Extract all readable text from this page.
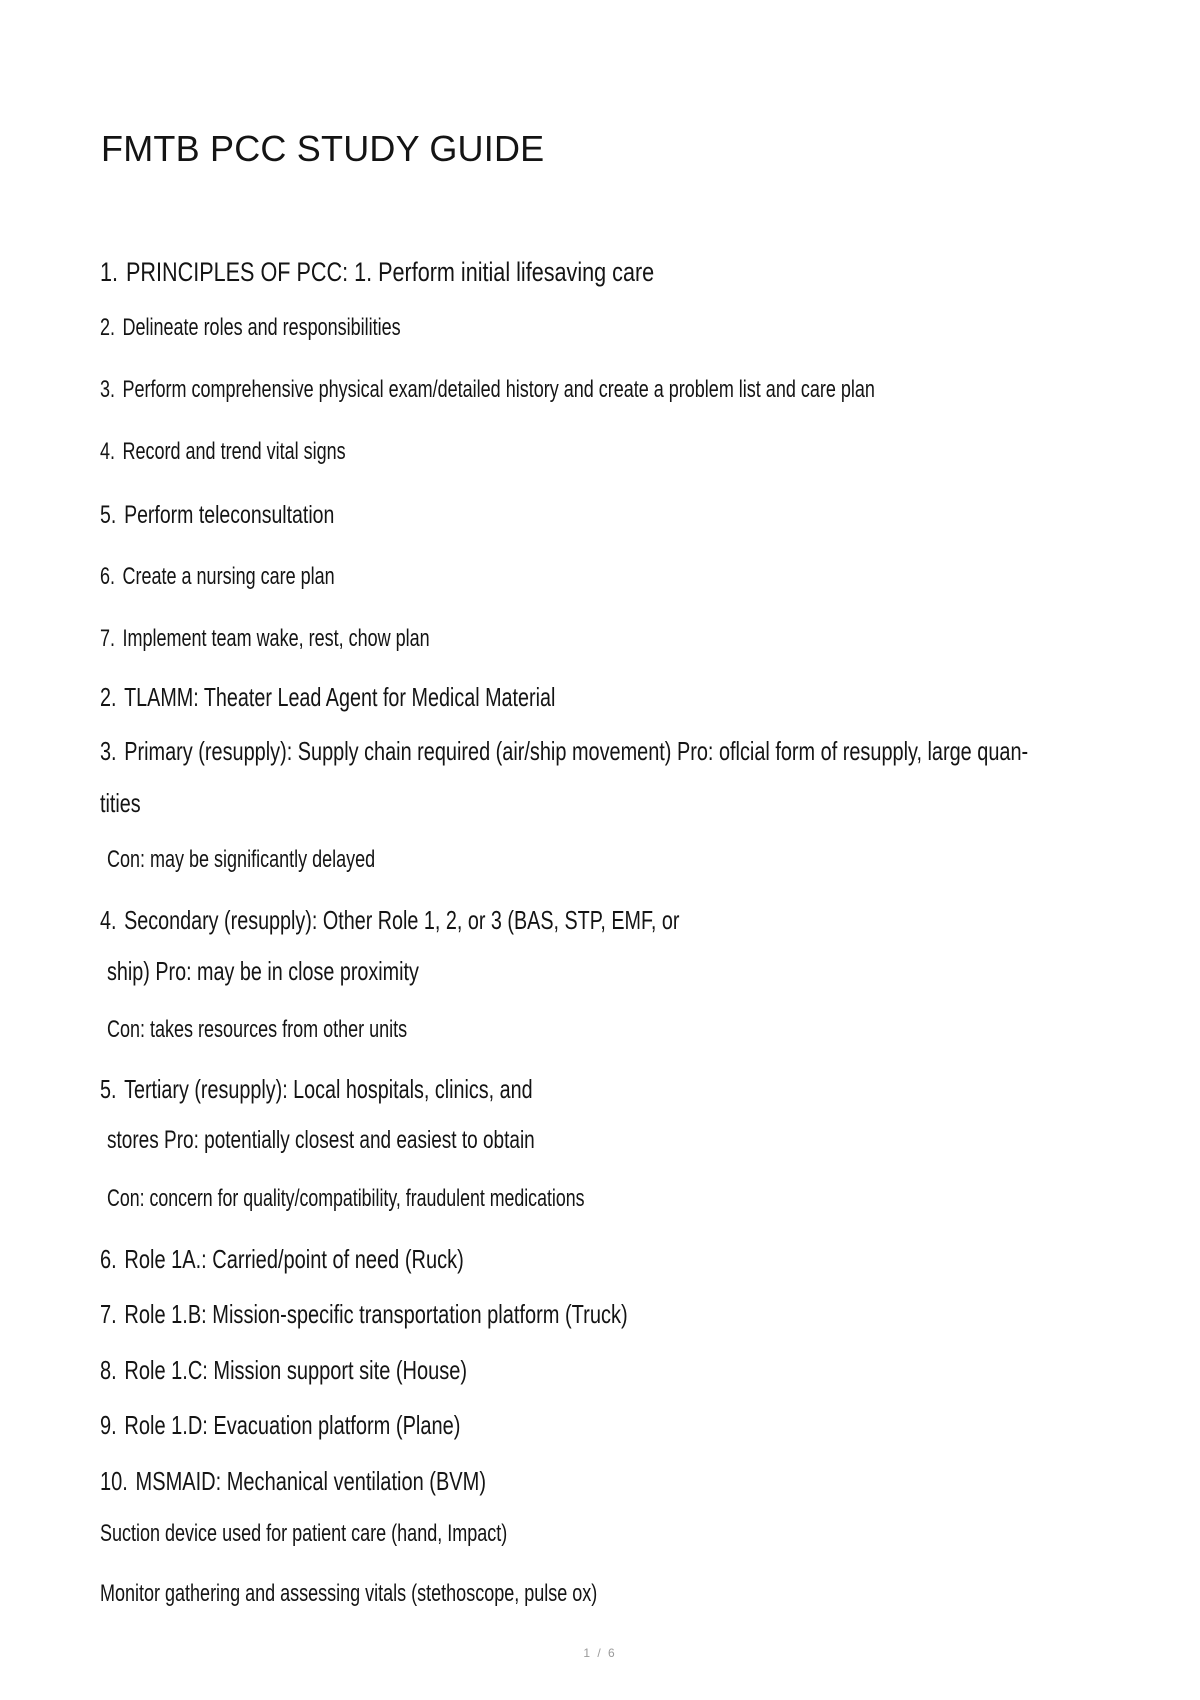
FMTB PCC STUDY GUIDE
1. PRINCIPLES OF PCC: 1. Perform initial lifesaving care
2. Delineate roles and responsibilities
3. Perform comprehensive physical exam/detailed history and create a problem list and care plan
4. Record and trend vital signs
5. Perform teleconsultation
6. Create a nursing care plan
7. Implement team wake, rest, chow plan
2. TLAMM: Theater Lead Agent for Medical Material
3. Primary (resupply): Supply chain required (air/ship movement) Pro: oflcial form of resupply, large quan-
tities
Con: may be significantly delayed
4. Secondary (resupply): Other Role 1, 2, or 3 (BAS, STP, EMF, or
ship) Pro: may be in close proximity
Con: takes resources from other units
5. Tertiary (resupply): Local hospitals, clinics, and
stores Pro: potentially closest and easiest to obtain
Con: concern for quality/compatibility, fraudulent medications
6. Role 1A.: Carried/point of need (Ruck)
7. Role 1.B: Mission-specific transportation platform (Truck)
8. Role 1.C: Mission support site (House)
9. Role 1.D: Evacuation platform (Plane)
10. MSMAID: Mechanical ventilation (BVM)
Suction device used for patient care (hand, Impact)
Monitor gathering and assessing vitals (stethoscope, pulse ox)
1 / 6
